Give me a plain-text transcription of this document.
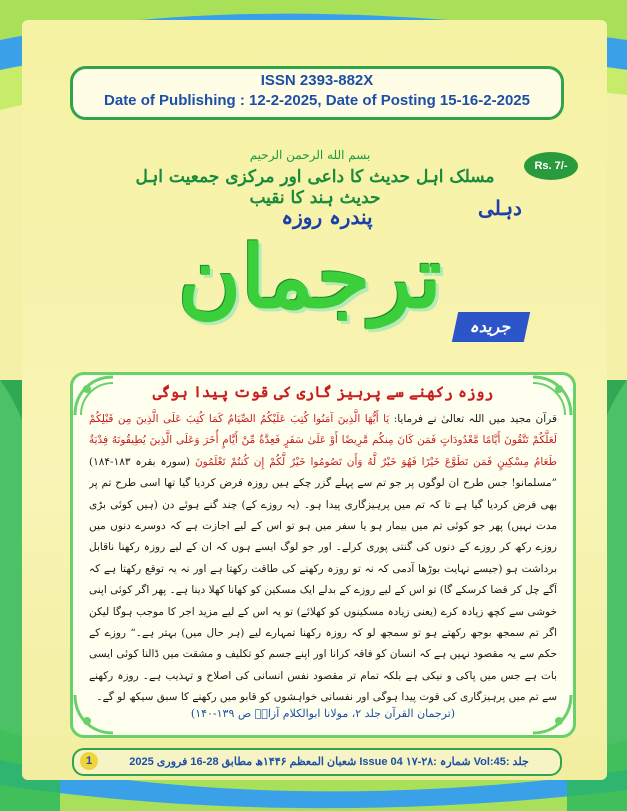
ISSN 2393-882X
Date of Publishing : 12-2-2025, Date of Posting 15-16-2-2025
بسم الله الرحمن الرحيم
مسلک اہل حدیث کا داعی اور مرکزی جمعیت اہل حدیث ہند کا نقیب
Rs. 7/-
پندرہ روزہ	دہلی
ترجمان	جریدہ
روزہ رکھنے سے پرہیز گاری کی قوت پیدا ہوگی
قرآن مجید میں اللہ تعالیٰ نے فرمایا: یَا أَیُّهَا الَّذِینَ آمَنُوا کُتِبَ عَلَیْکُمُ الصِّیَامُ کَمَا کُتِبَ عَلَی الَّذِینَ مِن قَبْلِکُمْ لَعَلَّکُمْ تَتَّقُونَ أَیَّامًا مَّعْدُودَاتٍ فَمَن کَانَ مِنکُم مَّرِیضًا أَوْ عَلَیٰ سَفَرٍ فَعِدَّةٌ مِّنْ أَیَّامٍ أُخَرَ وَعَلَی الَّذِینَ یُطِیقُونَهُ فِدْیَةٌ طَعَامُ مِسْکِینٍ فَمَن تَطَوَّعَ خَیْرًا فَهُوَ خَیْرٌ لَّهُ وَأَن تَصُومُوا خَیْرٌ لَّکُمْ إِن کُنتُمْ تَعْلَمُونَ (سورہ بقرہ ۱۸۳-۱۸۴) ”مسلمانو! جس طرح ان لوگوں پر جو تم سے پہلے گزر چکے ہیں روزہ فرض کردیا گیا تھا اسی طرح تم پر بھی فرض کردیا گیا ہے تا کہ تم میں پرہیزگاری پیدا ہو۔ (یہ روزے کے) چند گنے ہوئے دن (ہیں کوئی بڑی مدت نہیں) پھر جو کوئی تم میں بیمار ہو یا سفر میں ہو تو اس کے لیے اجازت ہے کہ دوسرے دنوں میں روزے رکھ کر روزے کے دنوں کی گنتی پوری کرلے۔ اور جو لوگ ایسے ہوں کہ ان کے لیے روزہ رکھنا ناقابل برداشت ہو (جیسے نہایت بوڑھا آدمی کہ نہ تو روزہ رکھنے کی طاقت رکھتا ہے اور نہ یہ توقع رکھتا ہے کہ آگے چل کر قضا کرسکے گا) تو اس کے لیے روزے کے بدلے ایک مسکین کو کھانا کھلا دینا ہے۔ پھر اگر کوئی اپنی خوشی سے کچھ زیادہ کرے (یعنی زیادہ مسکینوں کو کھلائے) تو یہ اس کے لیے مزید اجر کا موجب ہوگا لیکن اگر تم سمجھ بوجھ رکھتے ہو تو سمجھ لو کہ روزہ رکھنا تمہارے لیے (ہر حال میں) بہتر ہے۔“ روزے کے حکم سے یہ مقصود نہیں ہے کہ انسان کو فاقہ کرانا اور اپنے جسم کو تکلیف و مشقت میں ڈالنا کوئی ایسی بات ہے جس میں پاکی و نیکی ہے بلکہ تمام تر مقصود نفس انسانی کی اصلاح و تہذیب ہے۔ روزہ رکھنے سے تم میں پرہیزگاری کی قوت پیدا ہوگی اور نفسانی خواہشوں کو قابو میں رکھنے کا سبق سیکھ لو گے۔
(ترجمان القرآن جلد ۲، مولانا ابوالکلام آزادؔ ص ۱۳۹-۱۴۰)
1	جلد :Vol:45 شمارہ :Issue 04 ۱۷-۲۸ شعبان المعظم ۱۴۴۶ھ مطابق 28-16 فروری 2025
